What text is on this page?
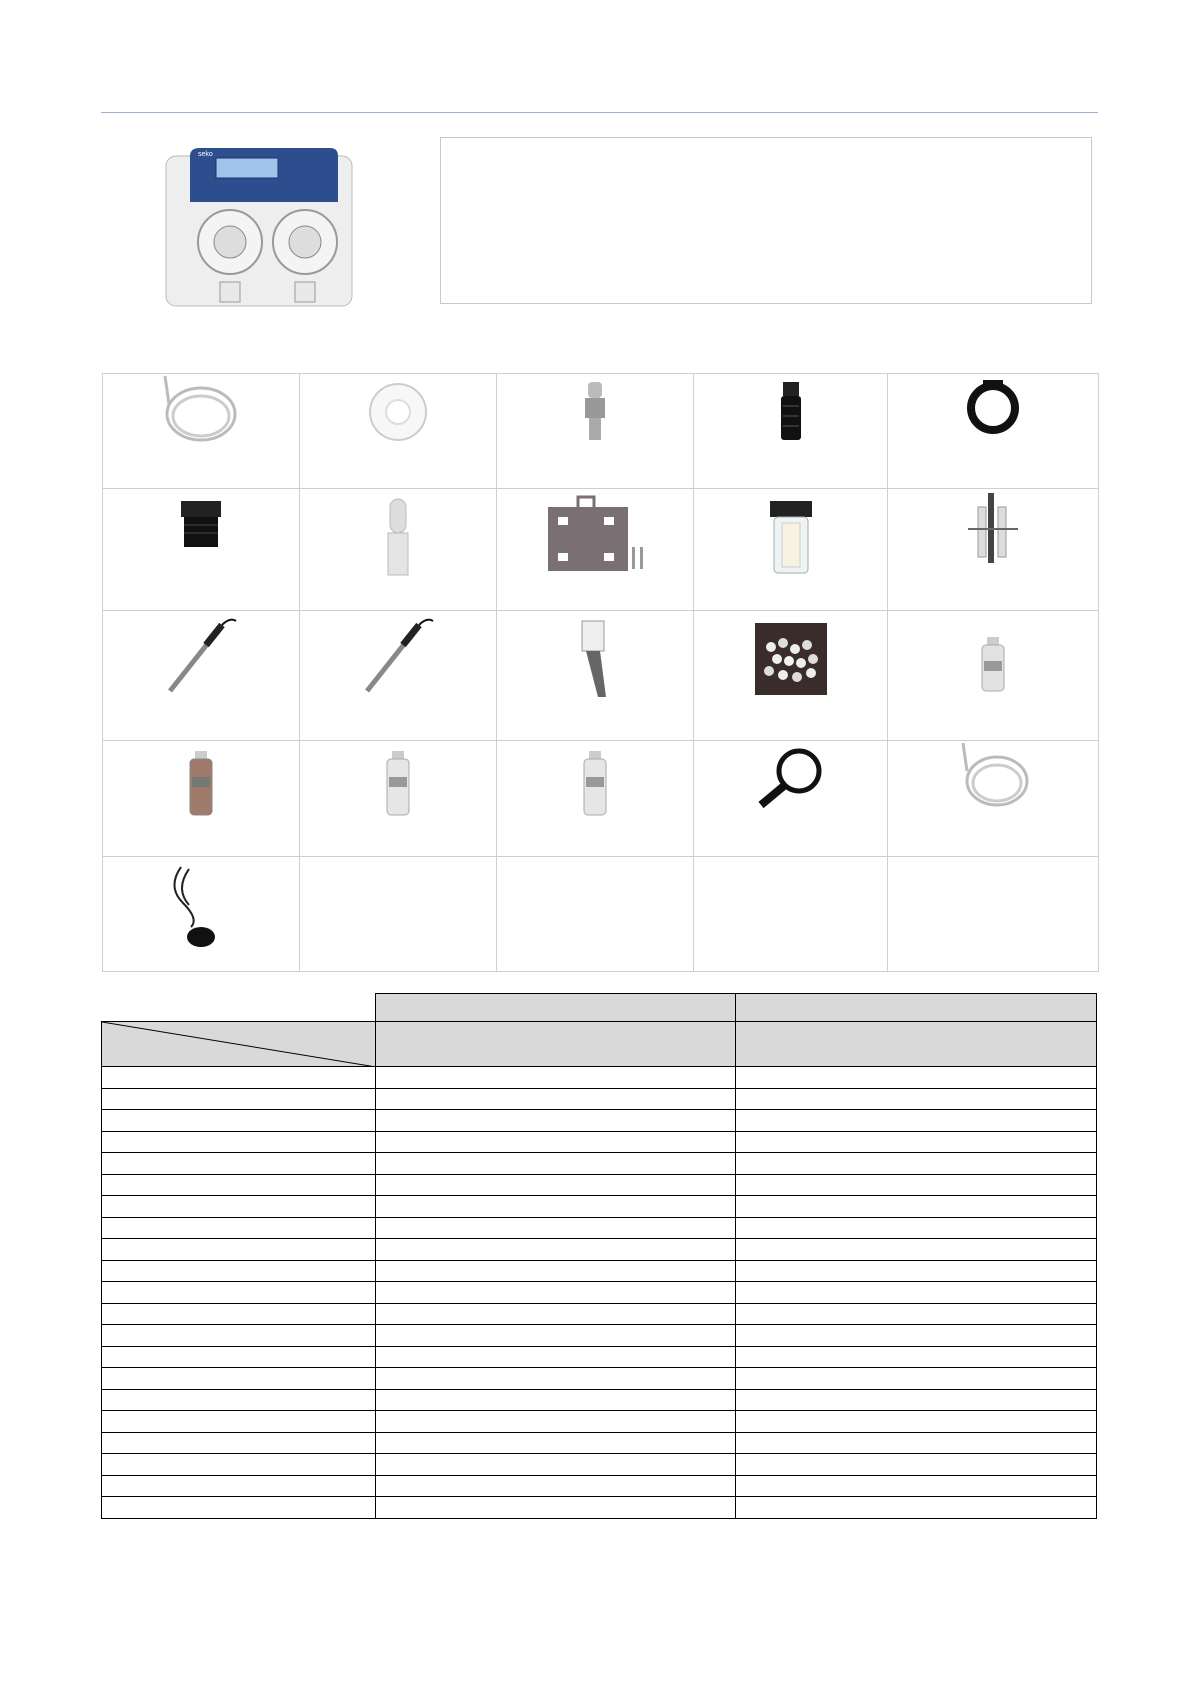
seko
